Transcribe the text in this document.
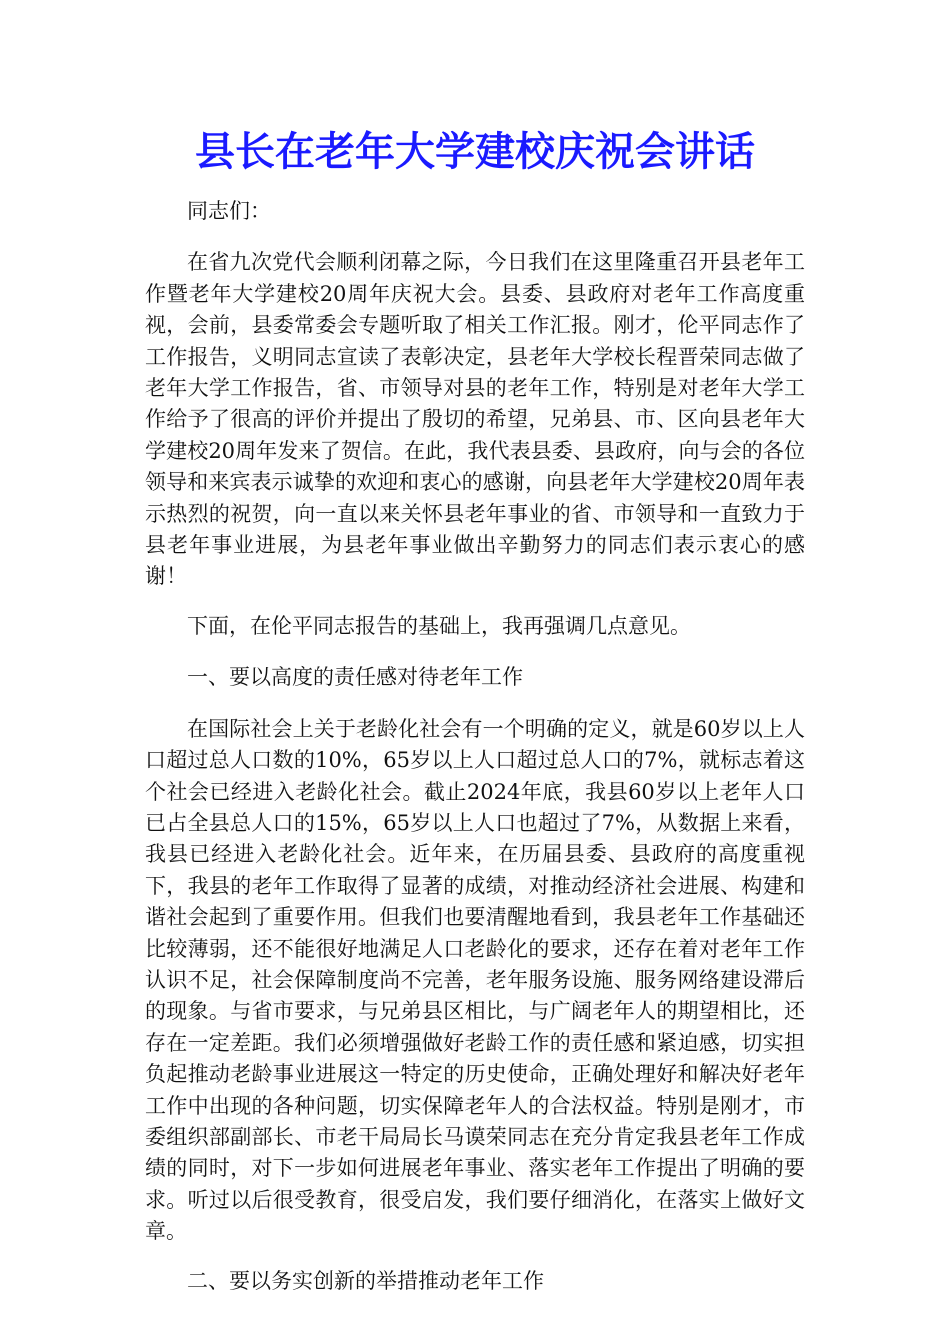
县长在老年大学建校庆祝会讲话

同志们：

在省九次党代会顺利闭幕之际，今日我们在这里隆重召开县老年工作暨老年大学建校20周年庆祝大会。县委、县政府对老年工作高度重视，会前，县委常委会专题听取了相关工作汇报。刚才，伦平同志作了工作报告，义明同志宣读了表彰决定，县老年大学校长程晋荣同志做了老年大学工作报告，省、市领导对县的老年工作，特别是对老年大学工作给予了很高的评价并提出了殷切的希望，兄弟县、市、区向县老年大学建校20周年发来了贺信。在此，我代表县委、县政府，向与会的各位领导和来宾表示诚挚的欢迎和衷心的感谢，向县老年大学建校20周年表示热烈的祝贺，向一直以来关怀县老年事业的省、市领导和一直致力于县老年事业进展，为县老年事业做出辛勤努力的同志们表示衷心的感谢！

下面，在伦平同志报告的基础上，我再强调几点意见。

一、要以高度的责任感对待老年工作

在国际社会上关于老龄化社会有一个明确的定义，就是60岁以上人口超过总人口数的10%，65岁以上人口超过总人口的7%，就标志着这个社会已经进入老龄化社会。截止2024年底，我县60岁以上老年人口已占全县总人口的15%，65岁以上人口也超过了7%，从数据上来看，我县已经进入老龄化社会。近年来，在历届县委、县政府的高度重视下，我县的老年工作取得了显著的成绩，对推动经济社会进展、构建和谐社会起到了重要作用。但我们也要清醒地看到，我县老年工作基础还比较薄弱，还不能很好地满足人口老龄化的要求，还存在着对老年工作认识不足，社会保障制度尚不完善，老年服务设施、服务网络建设滞后的现象。与省市要求，与兄弟县区相比，与广阔老年人的期望相比，还存在一定差距。我们必须增强做好老龄工作的责任感和紧迫感，切实担负起推动老龄事业进展这一特定的历史使命，正确处理好和解决好老年工作中出现的各种问题，切实保障老年人的合法权益。特别是刚才，市委组织部副部长、市老干局局长马谟荣同志在充分肯定我县老年工作成绩的同时，对下一步如何进展老年事业、落实老年工作提出了明确的要求。听过以后很受教育，很受启发，我们要仔细消化，在落实上做好文章。

二、要以务实创新的举措推动老年工作
